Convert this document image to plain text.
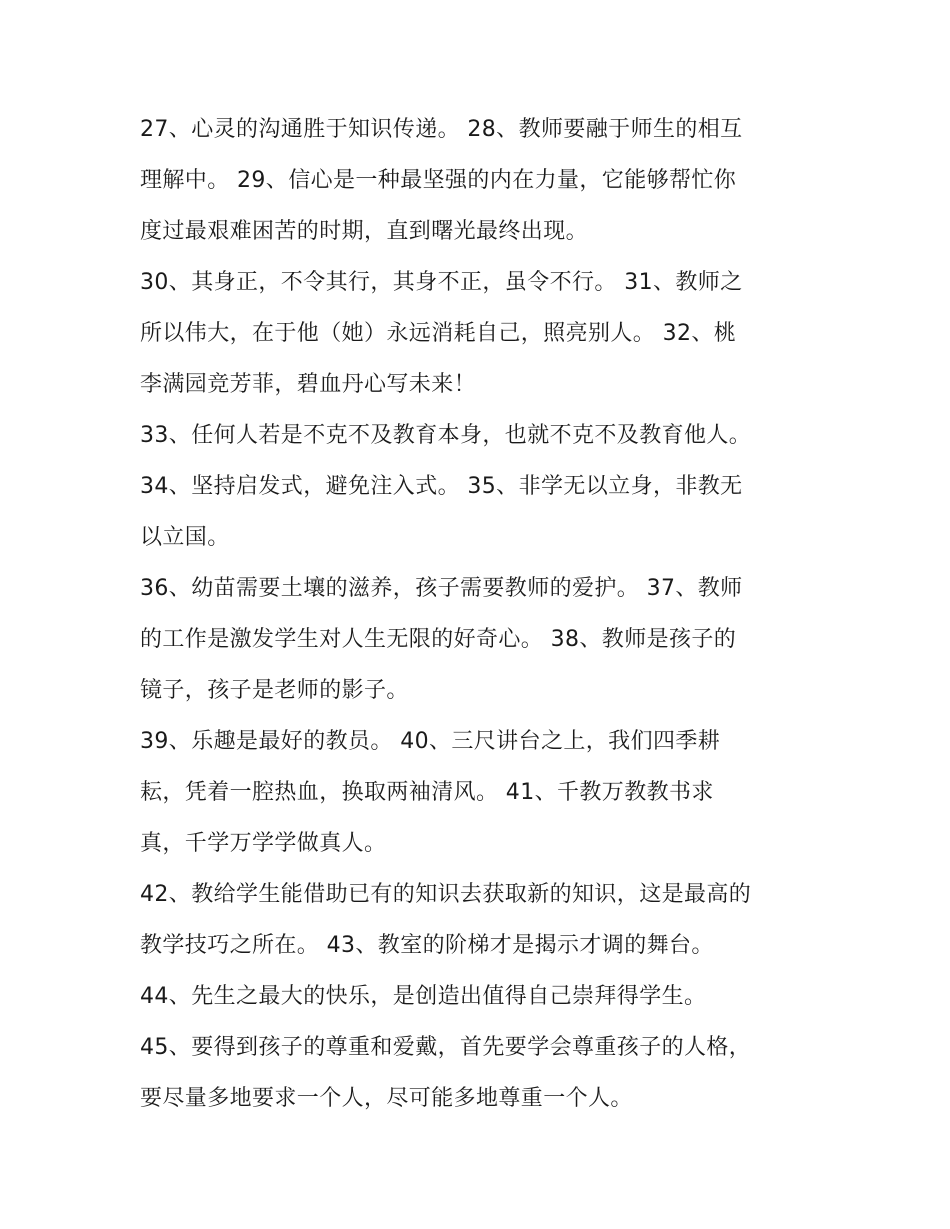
27、心灵的沟通胜于知识传递。 28、教师要融于师生的相互
理解中。 29、信心是一种最坚强的内在力量，它能够帮忙你
度过最艰难困苦的时期，直到曙光最终出现。
30、其身正，不令其行，其身不正，虽令不行。 31、教师之
所以伟大，在于他（她）永远消耗自己，照亮别人。 32、桃
李满园竞芳菲，碧血丹心写未来！
33、任何人若是不克不及教育本身，也就不克不及教育他人。
34、坚持启发式，避免注入式。 35、非学无以立身，非教无
以立国。
36、幼苗需要土壤的滋养，孩子需要教师的爱护。 37、教师
的工作是激发学生对人生无限的好奇心。 38、教师是孩子的
镜子，孩子是老师的影子。
39、乐趣是最好的教员。 40、三尺讲台之上，我们四季耕
耘，凭着一腔热血，换取两袖清风。 41、千教万教教书求
真，千学万学学做真人。
42、教给学生能借助已有的知识去获取新的知识，这是最高的
教学技巧之所在。 43、教室的阶梯才是揭示才调的舞台。
44、先生之最大的快乐，是创造出值得自己崇拜得学生。
45、要得到孩子的尊重和爱戴，首先要学会尊重孩子的人格，
要尽量多地要求一个人，尽可能多地尊重一个人。
